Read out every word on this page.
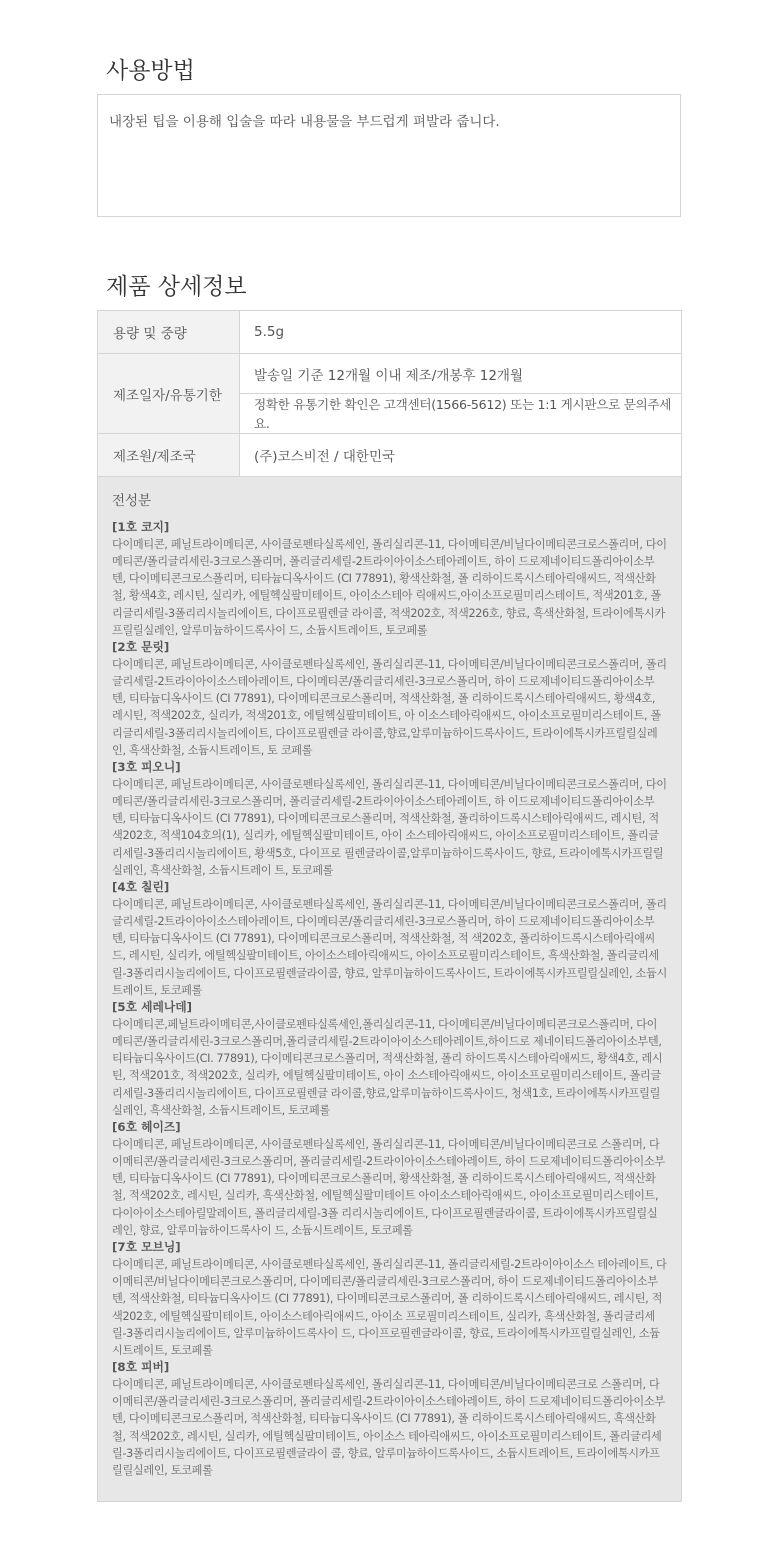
사용방법
내장된 팁을 이용해 입술을 따라 내용물을 부드럽게 펴발라 줍니다.
제품 상세정보
용량 및 중량	5.5g
제조일자/유통기한
발송일 기준 12개월 이내 제조/개봉후 12개월
정확한 유통기한 확인은 고객센터(1566-5612) 또는 1:1 게시판으로 문의주세요.
제조원/제조국	(주)코스비전 / 대한민국

전성분

[1호 코지]
다이메티콘, 페닐트라이메티콘, 사이클로펜타실록세인, 폴리실리콘-11, 다이메티콘/비닐다이메티콘크로스폴리머, 다이메티콘/폴리글리세린-3크로스폴리머, 폴리글리세릴-2트라이아이소스테아레이트, 하이 드로제네이티드폴리아이소부텐, 다이메티콘크로스폴리머, 티타늄디옥사이드 (CI 77891), 황색산화철, 폴 리하이드록시스테아릭애씨드, 적색산화철, 황색4호, 레시틴, 실리카, 에틸헥실팔미테이트, 아이소스테아 릭애씨드,아이소프로필미리스테이트, 적색201호, 폴리글리세릴-3폴리리시놀리에이트, 다이프로필렌글 라이콜, 적색202호, 적색226호, 향료, 흑색산화철, 트라이에톡시카프릴릴실레인, 알루미늄하이드록사이 드, 소듐시트레이트, 토코페롤
[2호 문릿]
다이메티콘, 페닐트라이메티콘, 사이클로펜타실록세인, 폴리실리콘-11, 다이메티콘/비닐다이메티콘크로스폴리머, 폴리글리세릴-2트라이아이소스테아레이트, 다이메티콘/폴리글리세린-3크로스폴리머, 하이 드로제네이티드폴리아이소부텐, 티타늄디옥사이드 (CI 77891), 다이메티콘크로스폴리머, 적색산화철, 폴 리하이드록시스테아릭애씨드, 황색4호, 레시틴, 적색202호, 실리카, 적색201호, 에틸헥실팔미테이트, 아 이소스테아릭애씨드, 아이소프로필미리스테이트, 폴리글리세릴-3폴리리시놀리에이트, 다이프로필렌글 라이콜,향료,알루미늄하이드록사이드, 트라이에톡시카프릴릴실레인, 흑색산화철, 소듐시트레이트, 토 코페롤
[3호 피오니]
다이메티콘, 페닐트라이메티콘, 사이클로펜타실록세인, 폴리실리콘-11, 다이메티콘/비닐다이메티콘크로스폴리머, 다이메티콘/폴리글리세린-3크로스폴리머, 폴리글리세릴-2트라이아이소스테아레이트, 하 이드로제네이티드폴리아이소부텐, 티타늄디옥사이드 (CI 77891), 다이메티콘크로스폴리머, 적색산화철, 폴리하이드록시스테아릭애씨드, 레시틴, 적색202호, 적색104호의(1), 실리카, 에틸헥실팔미테이트, 아이 소스테아릭애씨드, 아이소프로필미리스테이트, 폴리글리세릴-3폴리리시놀리에이트, 황색5호, 다이프로 필렌글라이콜,알루미늄하이드록사이드, 향료, 트라이에톡시카프릴릴실레인, 흑색산화철, 소듐시트레이 트, 토코페롤
[4호 칠린]
다이메티콘, 페닐트라이메티콘, 사이클로펜타실록세인, 폴리실리콘-11, 다이메티콘/비닐다이메티콘크로스폴리머, 폴리글리세릴-2트라이아이소스테아레이트, 다이메티콘/폴리글리세린-3크로스폴리머, 하이 드로제네이티드폴리아이소부텐, 티타늄디옥사이드 (CI 77891), 다이메티콘크로스폴리머, 적색산화철, 적 색202호, 폴리하이드록시스테아릭애씨드, 레시틴, 실리카, 에틸헥실팔미테이트, 아이소스테아릭애씨드, 아이소프로필미리스테이트, 흑색산화철, 폴리글리세릴-3폴리리시놀리에이트, 다이프로필렌글라이콜, 향료, 알루미늄하이드록사이드, 트라이에톡시카프릴릴실레인, 소듐시트레이트, 토코페롤
[5호 세레나데]
다이메티콘,페닐트라이메티콘,사이클로펜타실록세인,폴리실리콘-11, 다이메티콘/비닐다이메티콘크로스폴리머, 다이메티콘/폴리글리세린-3크로스폴리머,폴리글리세릴-2트라이아이소스테아레이트,하이드로 제네이티드폴리아이소부텐, 티타늄디옥사이드(CI. 77891), 다이메티콘크로스폴리머, 적색산화철, 폴리 하이드록시스테아릭애씨드, 황색4호, 레시틴, 적색201호, 적색202호, 실리카, 에틸헥실팔미테이트, 아이 소스테아릭애씨드, 아이소프로필미리스테이트, 폴리글리세릴-3폴리리시놀리에이트, 다이프로필렌글 라이콜,향료,알루미늄하이드록사이드, 청색1호, 트라이에톡시카프릴릴실레인, 흑색산화철, 소듐시트레이트, 토코페롤
[6호 헤이즈]
다이메티콘, 페닐트라이메티콘, 사이클로펜타실록세인, 폴리실리콘-11, 다이메티콘/비닐다이메티콘크로 스폴리머, 다이메티콘/폴리글리세린-3크로스폴리머, 폴리글리세릴-2트라이아이소스테아레이트, 하이 드로제네이티드폴리아이소부텐, 티타늄디옥사이드 (CI 77891), 다이메티콘크로스폴리머, 황색산화철, 폴 리하이드록시스테아릭애씨드, 적색산화철, 적색202호, 레시틴, 실리카, 흑색산화철, 에틸헥실팔미테이트 아이소스테아릭애씨드, 아이소프로필미리스테이트, 다이아이소스테아릴말레이트, 폴리글리세릴-3폴 리리시놀리에이트, 다이프로필렌글라이콜, 트라이에톡시카프릴릴실레인, 향료, 알루미늄하이드록사이 드, 소듐시트레이트, 토코페롤
[7호 모브닝]
다이메티콘, 페닐트라이메티콘, 사이클로펜타실록세인, 폴리실리콘-11, 폴리글리세릴-2트라이아이소스 테아레이트, 다이메티콘/비닐다이메티콘크로스폴리머, 다이메티콘/폴리글리세린-3크로스폴리머, 하이 드로제네이티드폴리아이소부텐, 적색산화철, 티타늄디옥사이드 (CI 77891), 다이메티콘크로스폴리머, 폴 리하이드록시스테아릭애씨드, 레시틴, 적색202호, 에틸헥실팔미테이트, 아이소스테아릭애씨드, 아이소 프로필미리스테이트, 실리카, 흑색산화철, 폴리글리세릴-3폴리리시놀리에이트, 알루미늄하이드록사이 드, 다이프로필렌글라이콜, 향료, 트라이에톡시카프릴릴실레인, 소듐시트레이트, 토코페롤
[8호 피버]
다이메티콘, 페닐트라이메티콘, 사이클로펜타실록세인, 폴리실리콘-11, 다이메티콘/비닐다이메티콘크로 스폴리머, 다이메티콘/폴리글리세린-3크로스폴리머, 폴리글리세릴-2트라이아이소스테아레이트, 하이 드로제네이티드폴리아이소부텐, 다이메티콘크로스폴리머, 적색산화철, 티타늄디옥사이드 (CI 77891), 폴 리하이드록시스테아릭애씨드, 흑색산화철, 적색202호, 레시틴, 실리카, 에틸헥실팔미테이트, 아이소스 테아릭애씨드, 아이소프로필미리스테이트, 폴리글리세릴-3폴리리시놀리에이트, 다이프로필렌글라이 콜, 향료, 알루미늄하이드록사이드, 소듐시트레이트, 트라이에톡시카프릴릴실레인, 토코페롤
